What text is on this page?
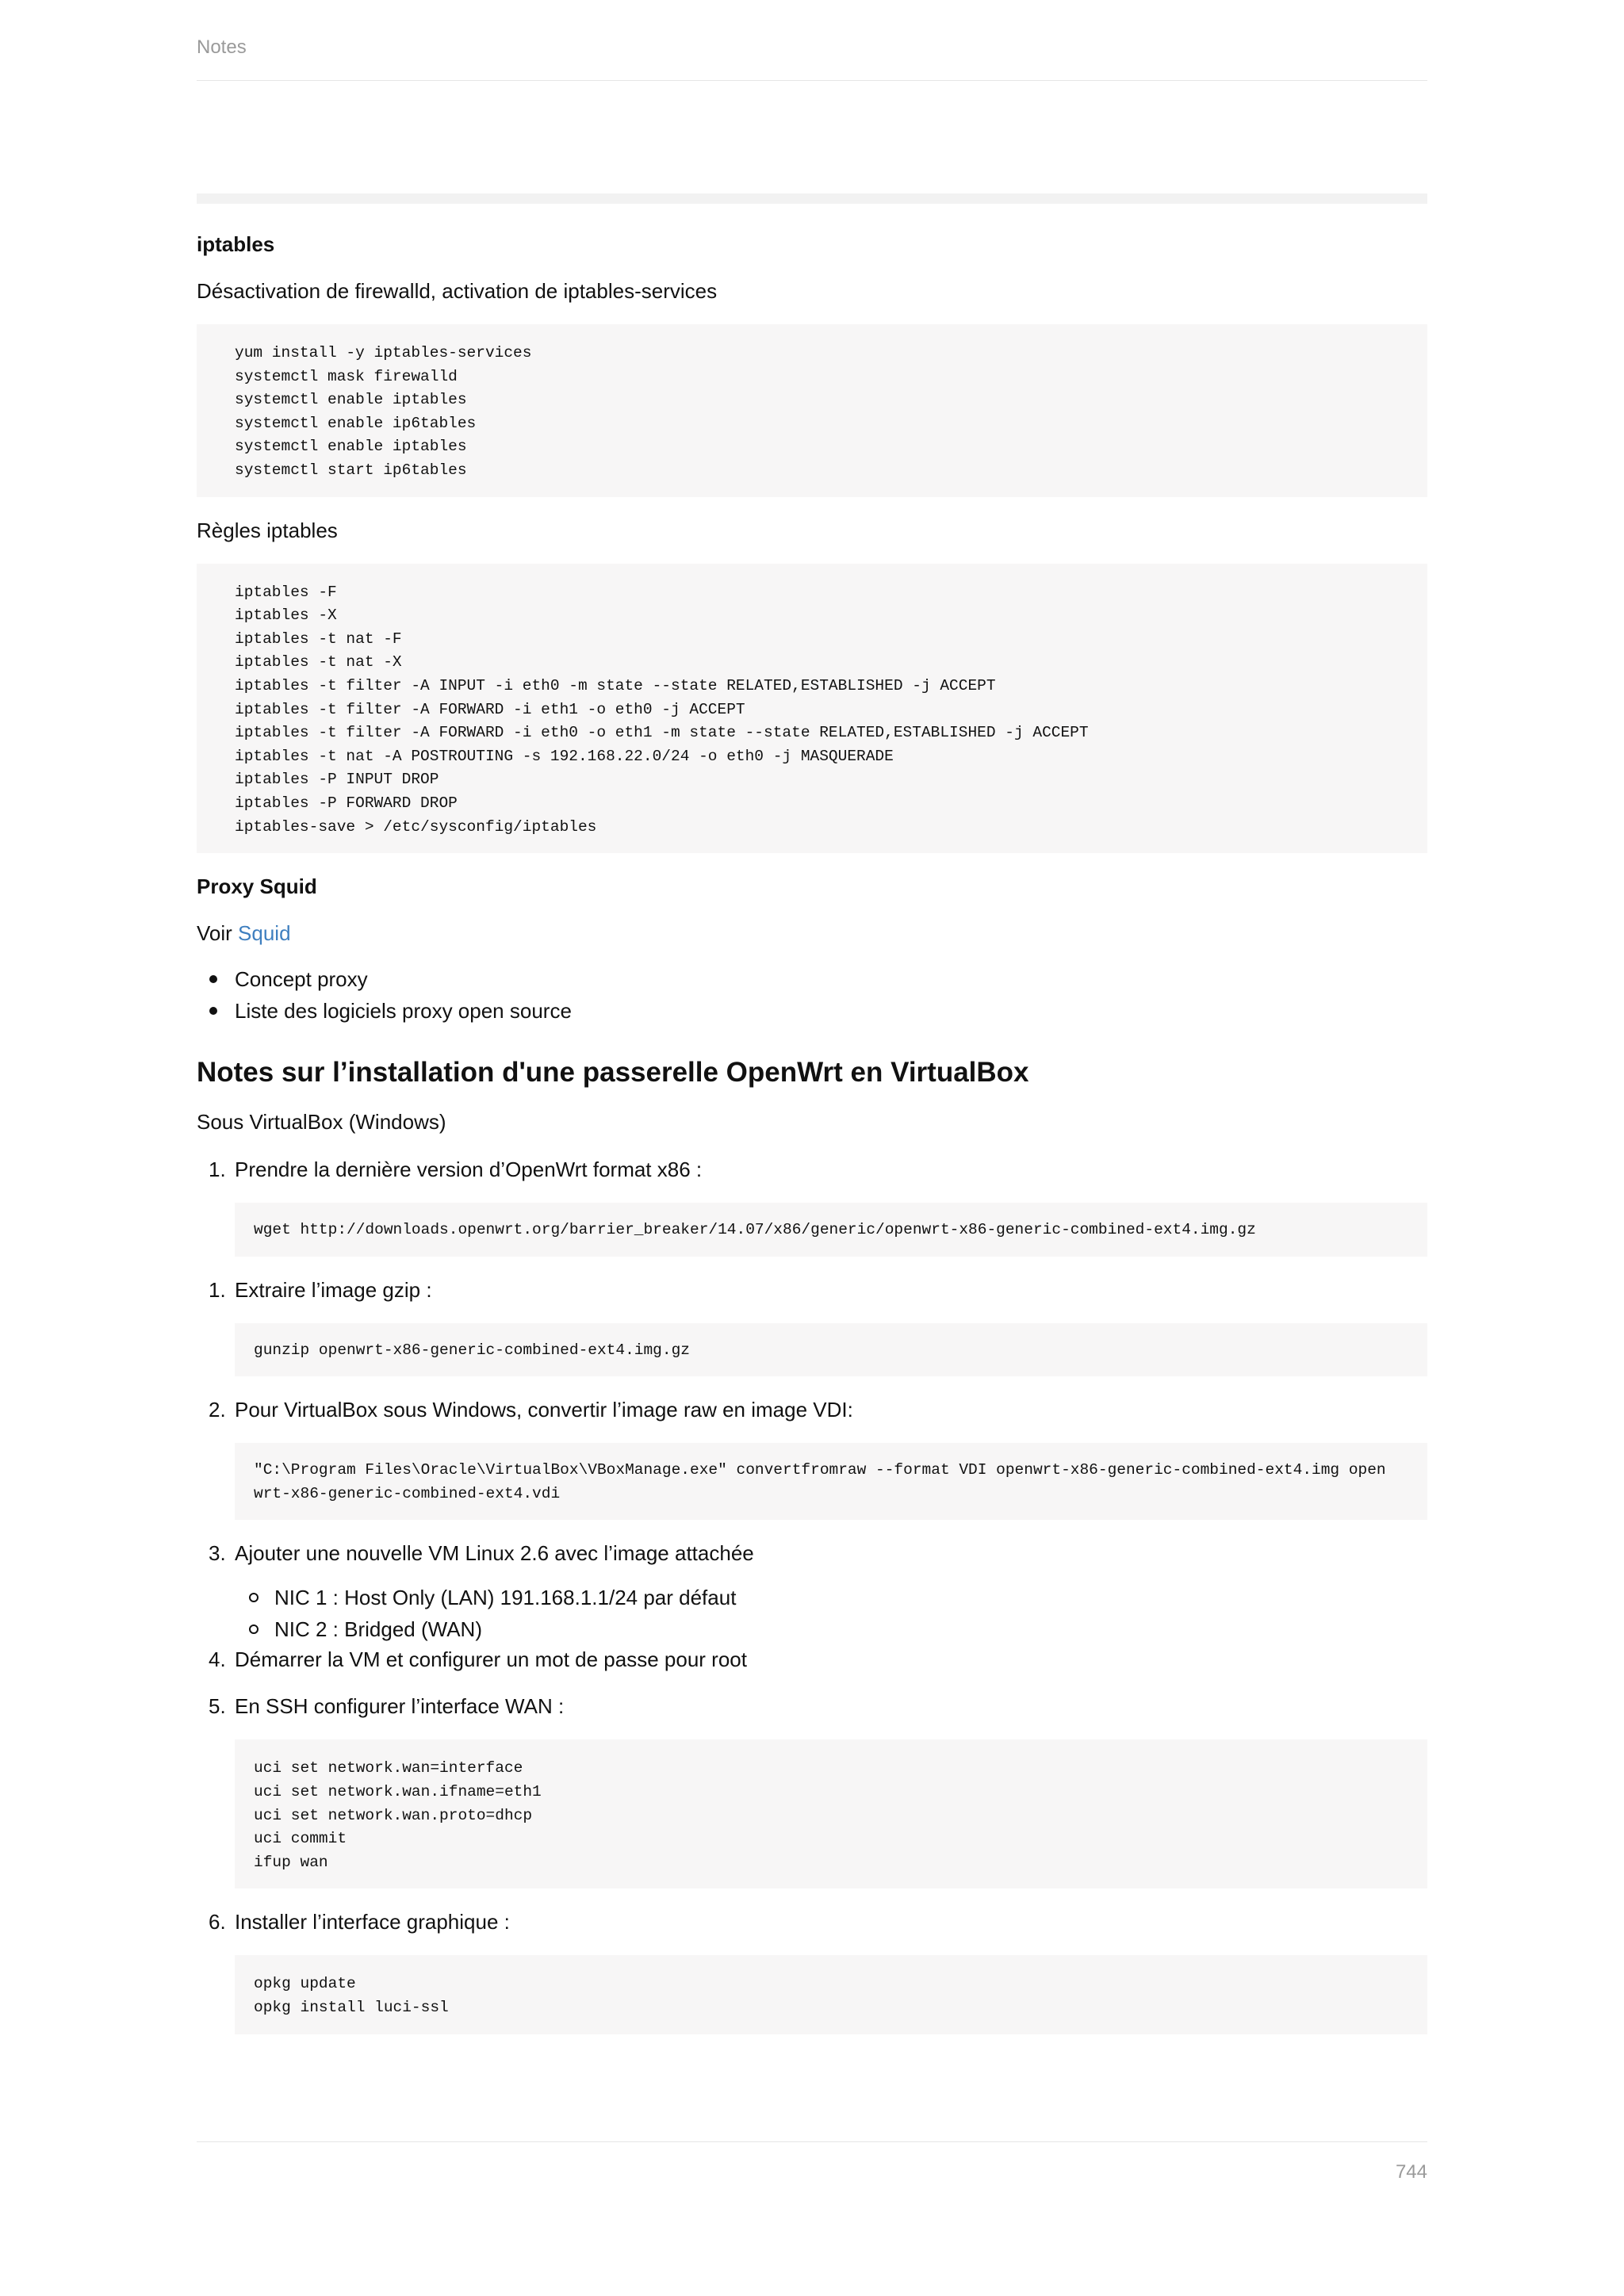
Notes
iptables
Désactivation de firewalld, activation de iptables-services
yum install -y iptables-services
systemctl mask firewalld
systemctl enable iptables
systemctl enable ip6tables
systemctl enable iptables
systemctl start ip6tables
Règles iptables
iptables -F
iptables -X
iptables -t nat -F
iptables -t nat -X
iptables -t filter -A INPUT -i eth0 -m state --state RELATED,ESTABLISHED -j ACCEPT
iptables -t filter -A FORWARD -i eth1 -o eth0 -j ACCEPT
iptables -t filter -A FORWARD -i eth0 -o eth1 -m state --state RELATED,ESTABLISHED -j ACCEPT
iptables -t nat -A POSTROUTING -s 192.168.22.0/24 -o eth0 -j MASQUERADE
iptables -P INPUT DROP
iptables -P FORWARD DROP
iptables-save > /etc/sysconfig/iptables
Proxy Squid
Voir Squid
Concept proxy
Liste des logiciels proxy open source
Notes sur l’installation d'une passerelle OpenWrt en VirtualBox
Sous VirtualBox (Windows)
1. Prendre la dernière version d’OpenWrt format x86 :
wget http://downloads.openwrt.org/barrier_breaker/14.07/x86/generic/openwrt-x86-generic-combined-ext4.img.gz
1. Extraire l’image gzip :
gunzip openwrt-x86-generic-combined-ext4.img.gz
2. Pour VirtualBox sous Windows, convertir l’image raw en image VDI:
"C:\Program Files\Oracle\VirtualBox\VBoxManage.exe" convertfromraw --format VDI openwrt-x86-generic-combined-ext4.img open
wrt-x86-generic-combined-ext4.vdi
3. Ajouter une nouvelle VM Linux 2.6 avec l’image attachée
NIC 1 : Host Only (LAN) 191.168.1.1/24 par défaut
NIC 2 : Bridged (WAN)
4. Démarrer la VM et configurer un mot de passe pour root
5. En SSH configurer l’interface WAN :
uci set network.wan=interface
uci set network.wan.ifname=eth1
uci set network.wan.proto=dhcp
uci commit
ifup wan
6. Installer l’interface graphique :
opkg update
opkg install luci-ssl
744
